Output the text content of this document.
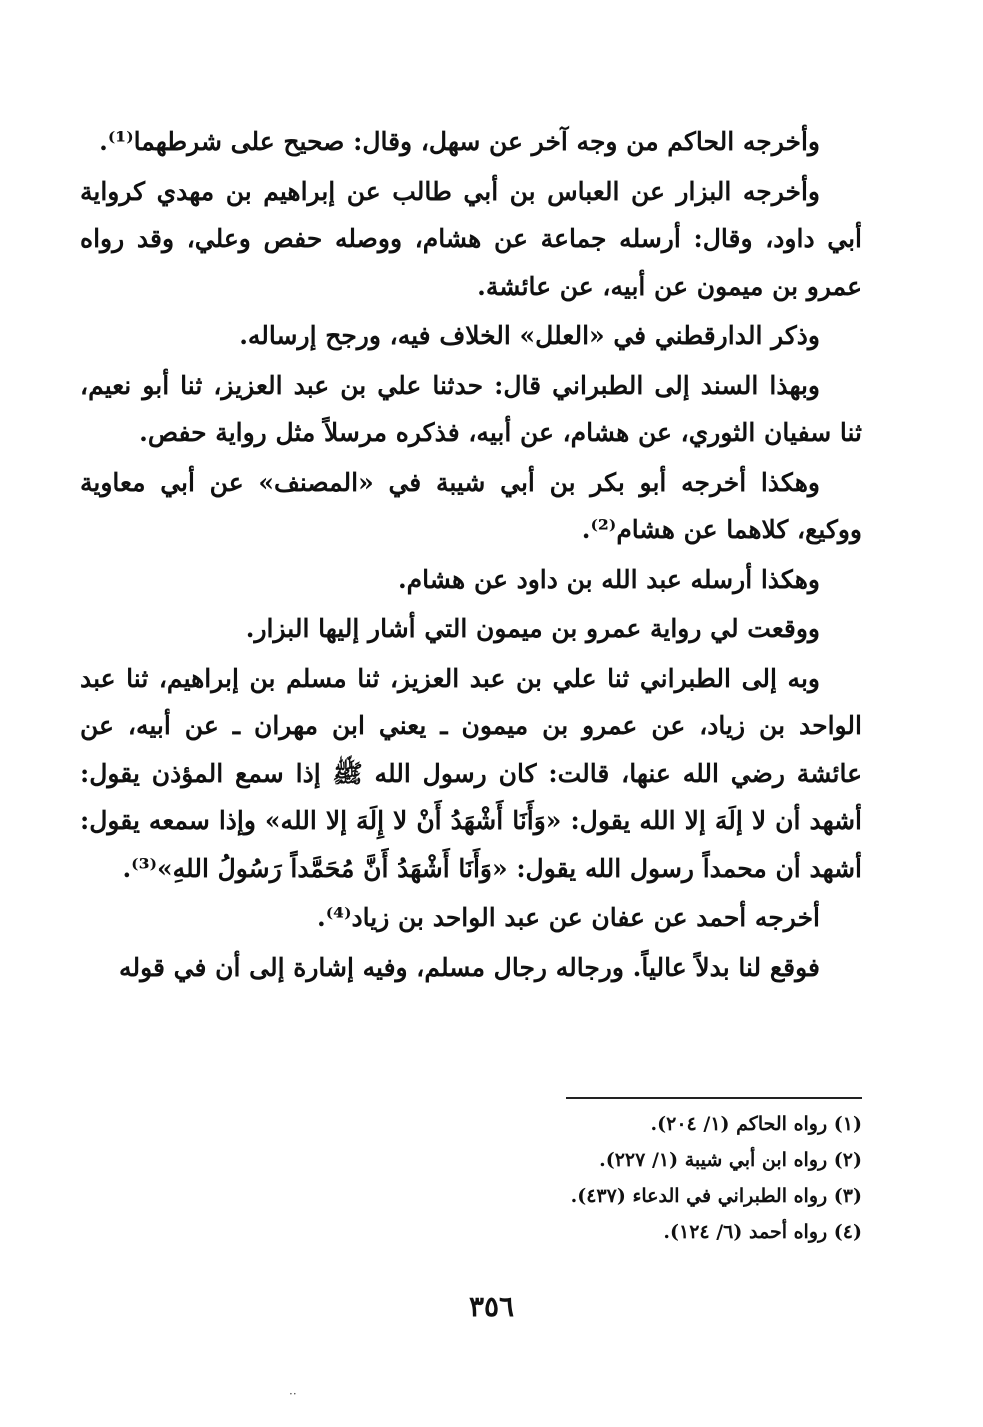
وأخرجه الحاكم من وجه آخر عن سهل، وقال: صحيح على شرطهما⁽¹⁾.

وأخرجه البزار عن العباس بن أبي طالب عن إبراهيم بن مهدي كرواية أبي داود، وقال: أرسله جماعة عن هشام، ووصله حفص وعلي، وقد رواه عمرو بن ميمون عن أبيه، عن عائشة.

وذكر الدارقطني في «العلل» الخلاف فيه، ورجح إرساله.

وبهذا السند إلى الطبراني قال: حدثنا علي بن عبد العزيز، ثنا أبو نعيم، ثنا سفيان الثوري، عن هشام، عن أبيه، فذكره مرسلاً مثل رواية حفص.

وهكذا أخرجه أبو بكر بن أبي شيبة في «المصنف» عن أبي معاوية ووكيع، كلاهما عن هشام⁽²⁾.

وهكذا أرسله عبد الله بن داود عن هشام.

ووقعت لي رواية عمرو بن ميمون التي أشار إليها البزار.

وبه إلى الطبراني ثنا علي بن عبد العزيز، ثنا مسلم بن إبراهيم، ثنا عبد الواحد بن زياد، عن عمرو بن ميمون ـ يعني ابن مهران ـ عن أبيه، عن عائشة رضي الله عنها، قالت: كان رسول الله ﷺ إذا سمع المؤذن يقول: أشهد أن لا إلَهَ إلا الله يقول: «وَأَنَا أَشْهَدُ أَنْ لا إِلَهَ إلا الله» وإذا سمعه يقول: أشهد أن محمداً رسول الله يقول: «وَأَنَا أَشْهَدُ أَنَّ مُحَمَّداً رَسُولُ اللهِ»⁽³⁾.

أخرجه أحمد عن عفان عن عبد الواحد بن زياد⁽⁴⁾.

فوقع لنا بدلاً عالياً. ورجاله رجال مسلم، وفيه إشارة إلى أن في قوله

(١) رواه الحاكم (١/ ٢٠٤).
(٢) رواه ابن أبي شيبة (١/ ٢٢٧).
(٣) رواه الطبراني في الدعاء (٤٣٧).
(٤) رواه أحمد (٦/ ١٢٤).
٣٥٦
··
